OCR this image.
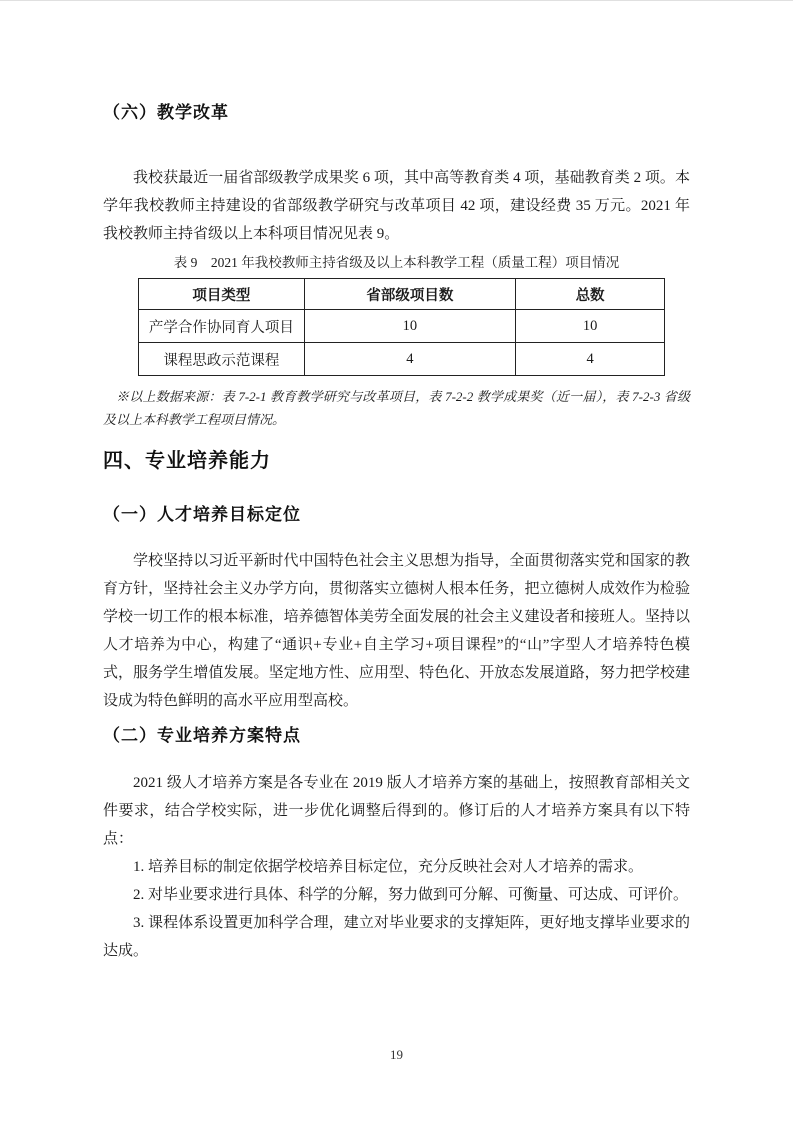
（六）教学改革

我校获最近一届省部级教学成果奖 6 项，其中高等教育类 4 项，基础教育类 2 项。本学年我校教师主持建设的省部级教学研究与改革项目 42 项，建设经费 35 万元。2021 年我校教师主持省级以上本科项目情况见表 9。

表 9　2021 年我校教师主持省级及以上本科教学工程（质量工程）项目情况
项目类型	省部级项目数	总数
产学合作协同育人项目	10	10
课程思政示范课程	4	4

※以上数据来源：表 7-2-1 教育教学研究与改革项目，表 7-2-2 教学成果奖（近一届），表 7-2-3 省级及以上本科教学工程项目情况。

四、专业培养能力
（一）人才培养目标定位

学校坚持以习近平新时代中国特色社会主义思想为指导，全面贯彻落实党和国家的教育方针，坚持社会主义办学方向，贯彻落实立德树人根本任务，把立德树人成效作为检验学校一切工作的根本标准，培养德智体美劳全面发展的社会主义建设者和接班人。坚持以人才培养为中心，构建了“通识+专业+自主学习+项目课程”的“山”字型人才培养特色模式，服务学生增值发展。坚定地方性、应用型、特色化、开放态发展道路，努力把学校建设成为特色鲜明的高水平应用型高校。

（二）专业培养方案特点

2021 级人才培养方案是各专业在 2019 版人才培养方案的基础上，按照教育部相关文件要求，结合学校实际，进一步优化调整后得到的。修订后的人才培养方案具有以下特点：

1. 培养目标的制定依据学校培养目标定位，充分反映社会对人才培养的需求。

2. 对毕业要求进行具体、科学的分解，努力做到可分解、可衡量、可达成、可评价。

3. 课程体系设置更加科学合理，建立对毕业要求的支撑矩阵，更好地支撑毕业要求的达成。

19
